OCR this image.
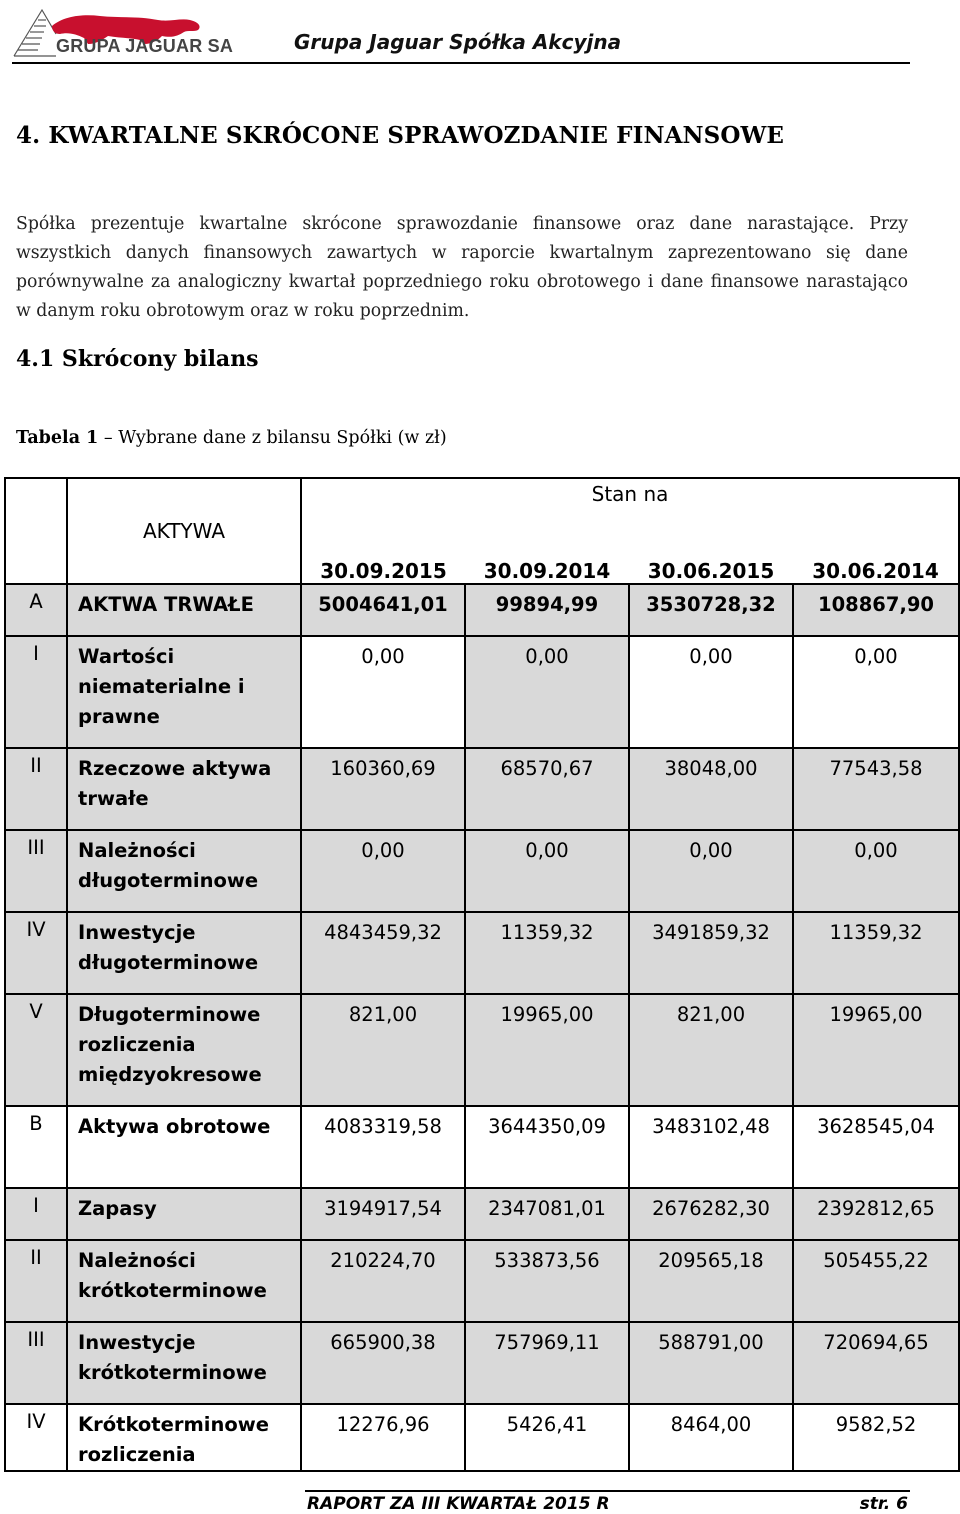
GRUPA JAGUAR SA	Grupa Jaguar Spółka Akcyjna
4. KWARTALNE SKRÓCONE SPRAWOZDANIE FINANSOWE
Spółka prezentuje kwartalne skrócone sprawozdanie finansowe oraz dane narastające. Przy wszystkich danych finansowych zawartych w raporcie kwartalnym zaprezentowano się dane porównywalne za analogiczny kwartał poprzedniego roku obrotowego i dane finansowe narastająco w danym roku obrotowym oraz w roku poprzednim.
4.1 Skrócony bilans
Tabela 1 – Wybrane dane z bilansu Spółki (w zł)
	AKTYWA	Stan na			
		30.09.2015	30.09.2014	30.06.2015	30.06.2014
A	AKTWA TRWAŁE	5004641,01	99894,99	3530728,32	108867,90
I	Wartości niematerialne i prawne	0,00	0,00	0,00	0,00
II	Rzeczowe aktywa trwałe	160360,69	68570,67	38048,00	77543,58
III	Należności długoterminowe	0,00	0,00	0,00	0,00
IV	Inwestycje długoterminowe	4843459,32	11359,32	3491859,32	11359,32
V	Długoterminowe rozliczenia międzyokresowe	821,00	19965,00	821,00	19965,00
B	Aktywa obrotowe	4083319,58	3644350,09	3483102,48	3628545,04
I	Zapasy	3194917,54	2347081,01	2676282,30	2392812,65
II	Należności krótkoterminowe	210224,70	533873,56	209565,18	505455,22
III	Inwestycje krótkoterminowe	665900,38	757969,11	588791,00	720694,65
IV	Krótkoterminowe rozliczenia	12276,96	5426,41	8464,00	9582,52
RAPORT ZA III KWARTAŁ 2015 R	str. 6
